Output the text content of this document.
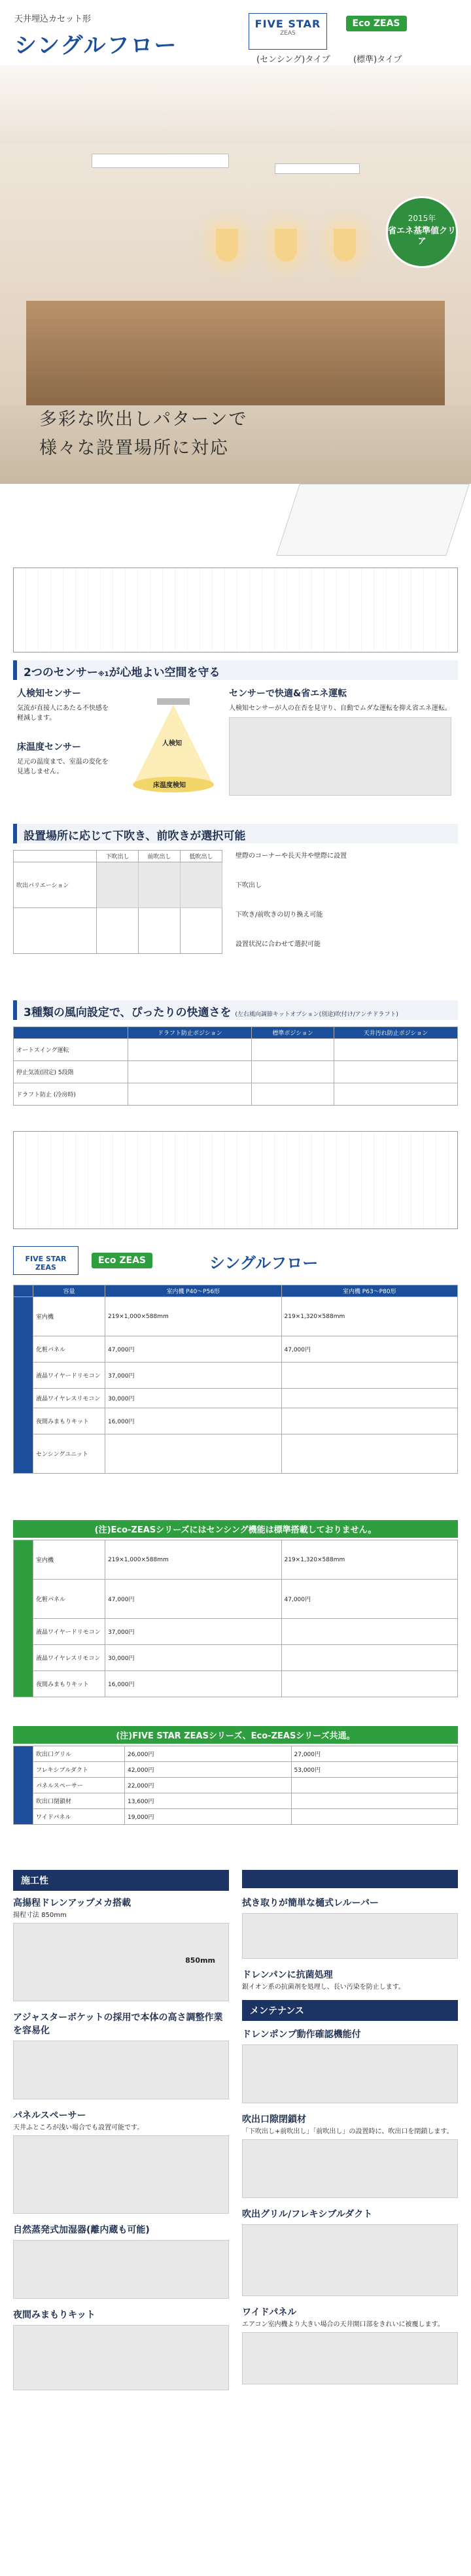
天井埋込カセット形
シングルフロー
FIVE STAR
ZEAS
Eco ZEAS
(センシング)タイプ	(標準)タイプ
2015年
省エネ基準値クリア
多彩な吹出しパターンで
様々な設置場所に対応
2つのセンサー※1が心地よい空間を守る
人検知センサー
気流が直接人にあたる不快感を軽減します。
床温度センサー
足元の温度まで、室温の変化を見逃しません。
人検知
床温度検知
センサーで快適&省エネ運転
人検知センサーが人の在否を見守り、自動でムダな運転を抑え省エネ運転。
設置場所に応じて下吹き、前吹きが選択可能
	下吹出し	前吹出し	低吹出し
吹出パリエーション			

壁際のコーナーや長天井や壁際に設置
下吹出し
下吹き/前吹きの切り換え可能
設置状況に合わせて選択可能
3種類の風向設定で、ぴったりの快適さを (左右風向調節キットオプション(別途)吹付け/アンチドラフト)
	ドラフト防止ポジション	標準ポジション	天井汚れ防止ポジション
オートスイング運転			
停止気流(固定) 5段階			
ドラフト防止 (冷房時)			
FIVE STAR ZEAS
Eco ZEAS	シングルフロー
	容量	室内機 P40〜P56形	室内機 P63〜P80形
	室内機	219×1,000×588mm	219×1,320×588mm
	化粧パネル	47,000円	47,000円
	液晶ワイヤードリモコン	37,000円	
	液晶ワイヤレスリモコン	30,000円	
	夜間みまもりキット	16,000円	
	センシングユニット		
(注)Eco-ZEASシリーズにはセンシング機能は標準搭載しておりません。
	室内機	219×1,000×588mm	219×1,320×588mm
	化粧パネル	47,000円	47,000円
	液晶ワイヤードリモコン	37,000円	
	液晶ワイヤレスリモコン	30,000円	
	夜間みまもりキット	16,000円	
(注)FIVE STAR ZEASシリーズ、Eco-ZEASシリーズ共通。
	吹出口グリル	26,000円	27,000円
	フレキシブルダクト	42,000円	53,000円
	パネルスペーサー	22,000円	
	吹出口閉鎖材	13,600円	
	ワイドパネル	19,000円	
施工性
高揚程ドレンアップメカ搭載
揚程寸法 850mm
850mm
アジャスターボケットの採用で本体の高さ調整作業を容易化
パネルスペーサー
天井ふところが浅い場合でも設置可能です。
自然蒸発式加湿器(離内蔵も可能)
夜間みまもりキット
拭き取りが簡単な樋式レルーバー
ドレンパンに抗菌処理
銀イオン系の抗菌剤を処理し、長い汚染を防止します。
メンテナンス
ドレンポンプ動作確認機能付
吹出口隙閉鎖材
「下吹出し+前吹出し」「前吹出し」の設置時に、吹出口を閉鎖します。
吹出グリル/フレキシブルダクト
ワイドパネル
エアコン室内機より大きい場合の天井開口部をきれいに被覆します。
